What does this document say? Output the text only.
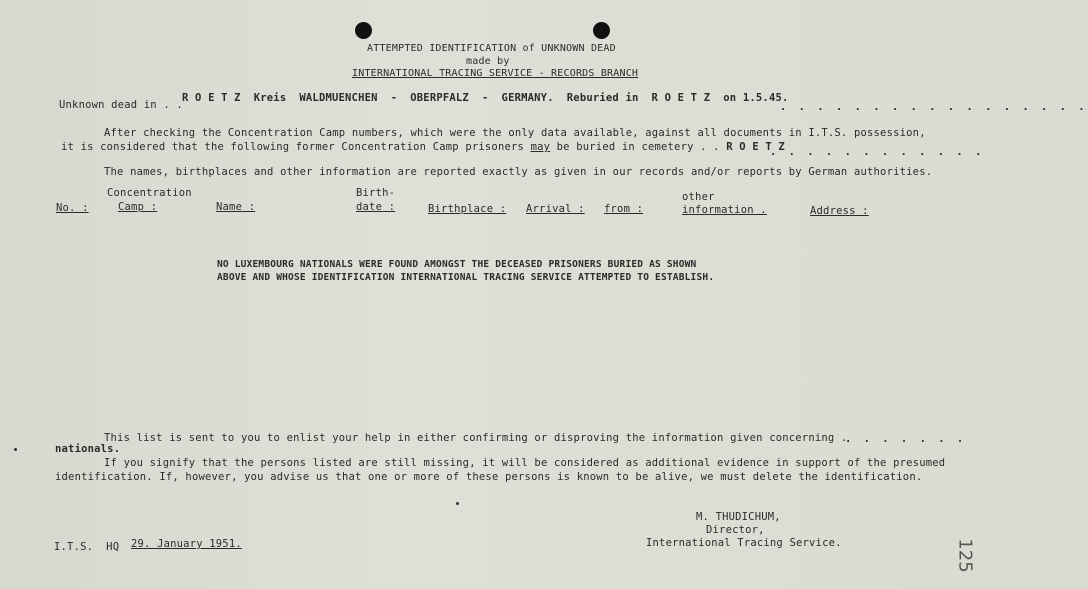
ATTEMPTED IDENTIFICATION of UNKNOWN DEAD
made by
INTERNATIONAL TRACING SERVICE - RECORDS BRANCH
Unknown dead in . .
R O E T Z  Kreis  WALDMUENCHEN  -  OBERPFALZ  -  GERMANY.  Reburied in  R O E T Z  on 1.5.45.
. . . . . . . . . . . . . . . . .
After checking the Concentration Camp numbers, which were the only data available, against all documents in I.T.S. possession,
it is considered that the following former Concentration Camp prisoners may be buried in cemetery . . R O E T Z
. . . . . . . . . . . .
The names, birthplaces and other information are reported exactly as given in our records and/or reports by German authorities.
Concentration
No. :	Camp :	Name :
Birth-
date :	Birthplace : Arrival : from :
other
information .	Address :
NO LUXEMBOURG NATIONALS WERE FOUND AMONGST THE DECEASED PRISONERS BURIED AS SHOWN
ABOVE AND WHOSE IDENTIFICATION INTERNATIONAL TRACING SERVICE ATTEMPTED TO ESTABLISH.
This list is sent to you to enlist your help in either confirming or disproving the information given concerning .
. . . . . . .
nationals.
If you signify that the persons listed are still missing, it will be considered as additional evidence in support of the presumed
identification. If, however, you advise us that one or more of these persons is known to be alive, we must delete the identification.
M. THUDICHUM,
Director,
International Tracing Service.
I.T.S.  HQ 29. January 1951.	125
